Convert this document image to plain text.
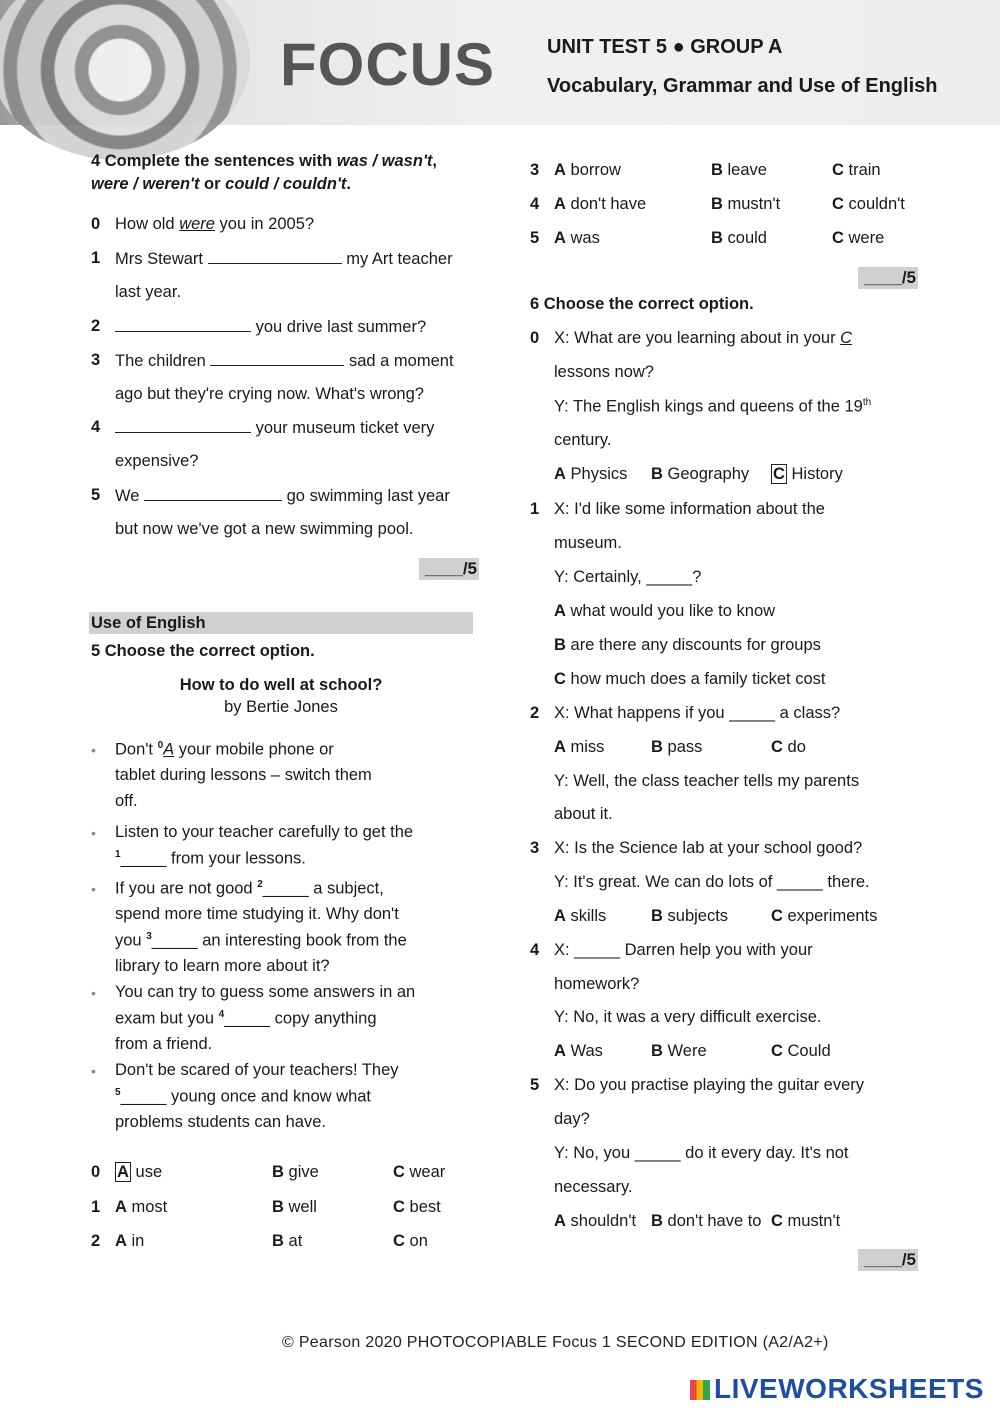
FOCUS	UNIT TEST 5 ● GROUP A
Vocabulary, Grammar and Use of English
4 Complete the sentences with was / wasn't,
were / weren't or could / couldn't.
0 How old were you in 2005?
1 Mrs Stewart	my Art teacher
last year.
2	you drive last summer?
3 The children	sad a moment
ago but they're crying now. What's wrong?
4	your museum ticket very
expensive?
5 We	go swimming last year
but now we've got a new swimming pool.
____/5
Use of English
5 Choose the correct option.
How to do well at school?
by Bertie Jones
• Don't $^0$A your mobile phone or
tablet during lessons – switch them
off.
• Listen to your teacher carefully to get the
$^1$_____ from your lessons.
• If you are not good $^2$_____ a subject,
spend more time studying it. Why don't
you $^3$_____ an interesting book from the
library to learn more about it?
• You can try to guess some answers in an
exam but you $^4$_____ copy anything
from a friend.
• Don't be scared of your teachers! They
$^5$_____ young once and know what
problems students can have.
0 A use	B give	C wear
1 A most	B well	C best
2 A in	B at	C on
3 A borrow	B leave	C train
4 A don't have	B mustn't	C couldn't
5 A was	B could	C were
____/5
6 Choose the correct option.
0 X: What are you learning about in your C
lessons now?
Y: The English kings and queens of the 19th
century.
A Physics B Geography C History
1 X: I'd like some information about the
museum.
Y: Certainly, _____?
A what would you like to know
B are there any discounts for groups
C how much does a family ticket cost
2 X: What happens if you _____ a class?
A miss	B pass	C do
Y: Well, the class teacher tells my parents
about it.
3 X: Is the Science lab at your school good?
Y: It's great. We can do lots of _____ there.
A skills	B subjects	C experiments
4 X: _____ Darren help you with your
homework?
Y: No, it was a very difficult exercise.
A Was	B Were	C Could
5 X: Do you practise playing the guitar every
day?
Y: No, you _____ do it every day. It's not
necessary.
A shouldn't B don't have to C mustn't
____/5
© Pearson 2020 PHOTOCOPIABLE Focus 1 SECOND EDITION (A2/A2+)
LIVEWORKSHEETS
